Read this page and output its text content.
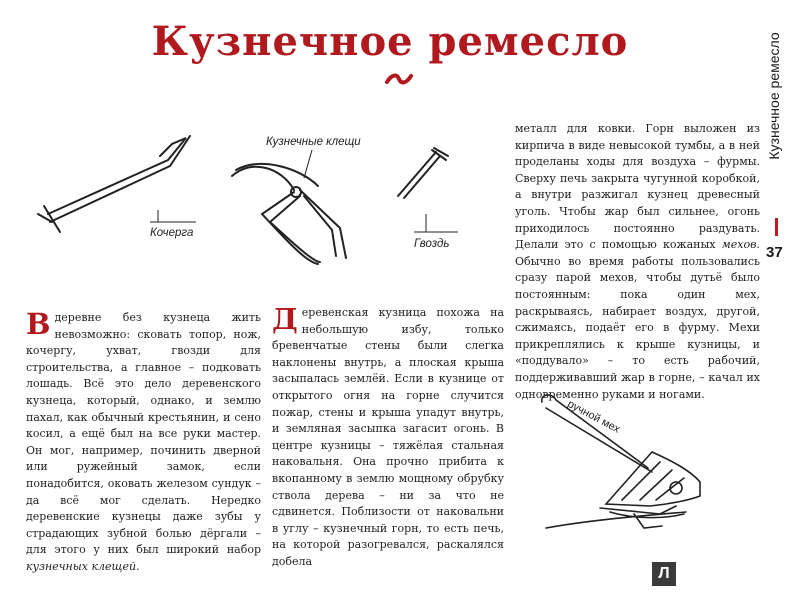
Кузнечное ремесло	Кузнечное ремесло
37
Кузнечные клещи
Кочерга
Гвоздь
ручной мех
В деревне без кузнеца жить невозможно: сковать топор, нож, кочергу, ухват, гвозди для строительства, а главное – подковать лошадь. Всё это дело деревенского кузнеца, который, однако, и землю пахал, как обычный крестьянин, и сено косил, а ещё был на все руки мастер. Он мог, например, починить дверной или ружейный замок, если понадобится, оковать железом сундук – да всё мог сделать. Нередко деревенские кузнецы даже зубы у страдающих зубной болью дёргали – для этого у них был широкий набор кузнечных клещей.
Деревенская кузница похожа на небольшую избу, только бревенчатые стены были слегка наклонены внутрь, а плоская крыша засыпалась землёй. Если в кузнице от открытого огня на горне случится пожар, стены и крыша упадут внутрь, и земляная засыпка загасит огонь. В центре кузницы – тяжёлая стальная наковальня. Она прочно прибита к вкопанному в землю мощному обрубку ствола дерева – ни за что не сдвинется. Поблизости от наковальни в углу – кузнечный горн, то есть печь, на которой разогревался, раскалялся добела
металл для ковки. Горн выложен из кирпича в виде невысокой тумбы, а в ней проделаны ходы для воздуха – фурмы. Сверху печь закрыта чугунной коробкой, а внутри разжигал кузнец древесный уголь. Чтобы жар был сильнее, огонь приходилось постоянно раздувать. Делали это с помощью кожаных мехов. Обычно во время работы пользовались сразу парой мехов, чтобы дутьё было постоянным: пока один мех, раскрываясь, набирает воздух, другой, сжимаясь, подаёт его в фурму. Мехи прикреплялись к крыше кузницы, и «поддувало» – то есть рабочий, поддерживавший жар в горне, – качал их одновременно руками и ногами.
Л
